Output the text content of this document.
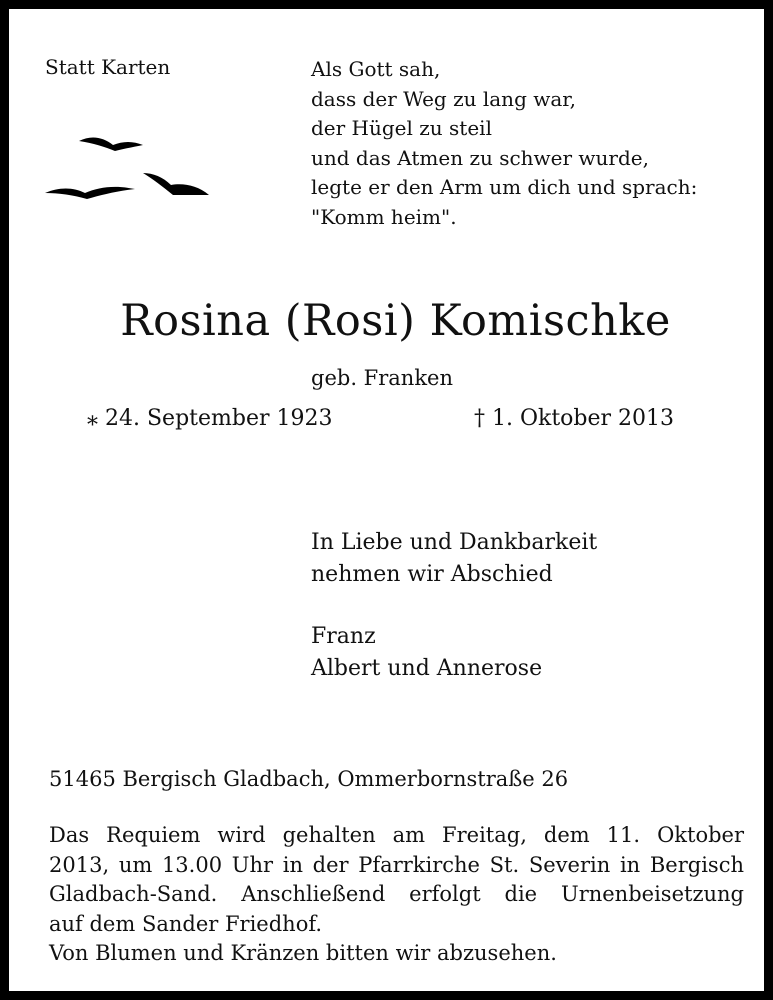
Statt Karten	Als Gott sah,
dass der Weg zu lang war,
der Hügel zu steil
und das Atmen zu schwer wurde,
legte er den Arm um dich und sprach:
"Komm heim".
Rosina (Rosi) Komischke
geb. Franken
⁎ 24. September 1923	† 1. Oktober 2013
In Liebe und Dankbarkeit
nehmen wir Abschied
Franz
Albert und Annerose
51465 Bergisch Gladbach, Ommerbornstraße 26
Das Requiem wird gehalten am Freitag, dem 11. Oktober
2013, um 13.00 Uhr in der Pfarrkirche St. Severin in Bergisch
Gladbach-Sand. Anschließend erfolgt die Urnenbeisetzung
auf dem Sander Friedhof.
Von Blumen und Kränzen bitten wir abzusehen.
